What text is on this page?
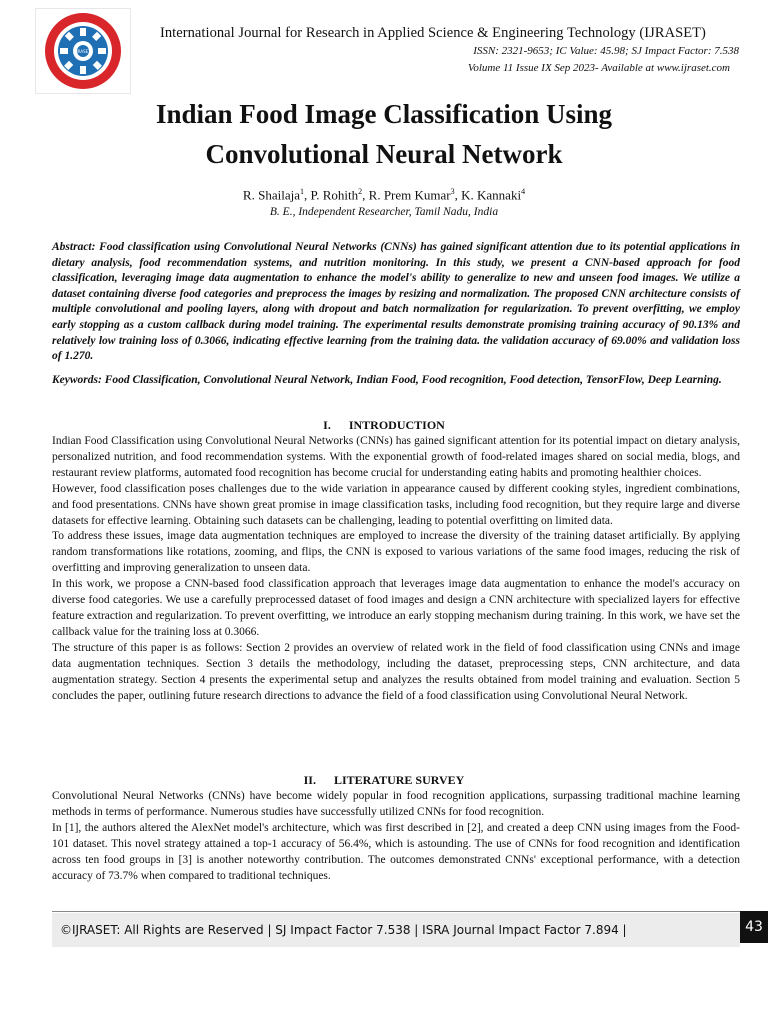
IJRASET
International Journal for Research in Applied Science & Engineering Technology (IJRASET)
ISSN: 2321-9653; IC Value: 45.98; SJ Impact Factor: 7.538
Volume 11 Issue IX Sep 2023- Available at www.ijraset.com
Indian Food Image Classification Using
Convolutional Neural Network
R. Shailaja$^1$, P. Rohith$^2$, R. Prem Kumar$^3$, K. Kannaki$^4$
B. E., Independent Researcher, Tamil Nadu, India

Abstract: Food classification using Convolutional Neural Networks (CNNs) has gained significant attention due to its potential applications in dietary analysis, food recommendation systems, and nutrition monitoring. In this study, we present a CNN-based approach for food classification, leveraging image data augmentation to enhance the model's ability to generalize to new and unseen food images. We utilize a dataset containing diverse food categories and preprocess the images by resizing and normalization. The proposed CNN architecture consists of multiple convolutional and pooling layers, along with dropout and batch normalization for regularization. To prevent overfitting, we employ early stopping as a custom callback during model training. The experimental results demonstrate promising training accuracy of 90.13% and relatively low training loss of 0.3066, indicating effective learning from the training data. the validation accuracy of 69.00% and validation loss of 1.270.

Keywords: Food Classification, Convolutional Neural Network, Indian Food, Food recognition, Food detection, TensorFlow, Deep Learning.

I. INTRODUCTION

Indian Food Classification using Convolutional Neural Networks (CNNs) has gained significant attention for its potential impact on dietary analysis, personalized nutrition, and food recommendation systems. With the exponential growth of food-related images shared on social media, blogs, and restaurant review platforms, automated food recognition has become crucial for understanding eating habits and promoting healthier choices.

However, food classification poses challenges due to the wide variation in appearance caused by different cooking styles, ingredient combinations, and food presentations. CNNs have shown great promise in image classification tasks, including food recognition, but they require large and diverse datasets for effective learning. Obtaining such datasets can be challenging, leading to potential overfitting on limited data.

To address these issues, image data augmentation techniques are employed to increase the diversity of the training dataset artificially. By applying random transformations like rotations, zooming, and flips, the CNN is exposed to various variations of the same food images, reducing the risk of overfitting and improving generalization to unseen data.

In this work, we propose a CNN-based food classification approach that leverages image data augmentation to enhance the model's accuracy on diverse food categories. We use a carefully preprocessed dataset of food images and design a CNN architecture with specialized layers for effective feature extraction and regularization. To prevent overfitting, we introduce an early stopping mechanism during training. In this work, we have set the callback value for the training loss at 0.3066.

The structure of this paper is as follows: Section 2 provides an overview of related work in the field of food classification using CNNs and image data augmentation techniques. Section 3 details the methodology, including the dataset, preprocessing steps, CNN architecture, and data augmentation strategy. Section 4 presents the experimental setup and analyzes the results obtained from model training and evaluation. Section 5 concludes the paper, outlining future research directions to advance the field of a food classification using Convolutional Neural Network.

II. LITERATURE SURVEY

Convolutional Neural Networks (CNNs) have become widely popular in food recognition applications, surpassing traditional machine learning methods in terms of performance. Numerous studies have successfully utilized CNNs for food recognition.

In [1], the authors altered the AlexNet model's architecture, which was first described in [2], and created a deep CNN using images from the Food-101 dataset. This novel strategy attained a top-1 accuracy of 56.4%, which is astounding. The use of CNNs for food recognition and identification across ten food groups in [3] is another noteworthy contribution. The outcomes demonstrated CNNs' exceptional performance, with a detection accuracy of 73.7% when compared to traditional techniques.

©IJRASET: All Rights are Reserved | SJ Impact Factor 7.538 | ISRA Journal Impact Factor 7.894 |	43
